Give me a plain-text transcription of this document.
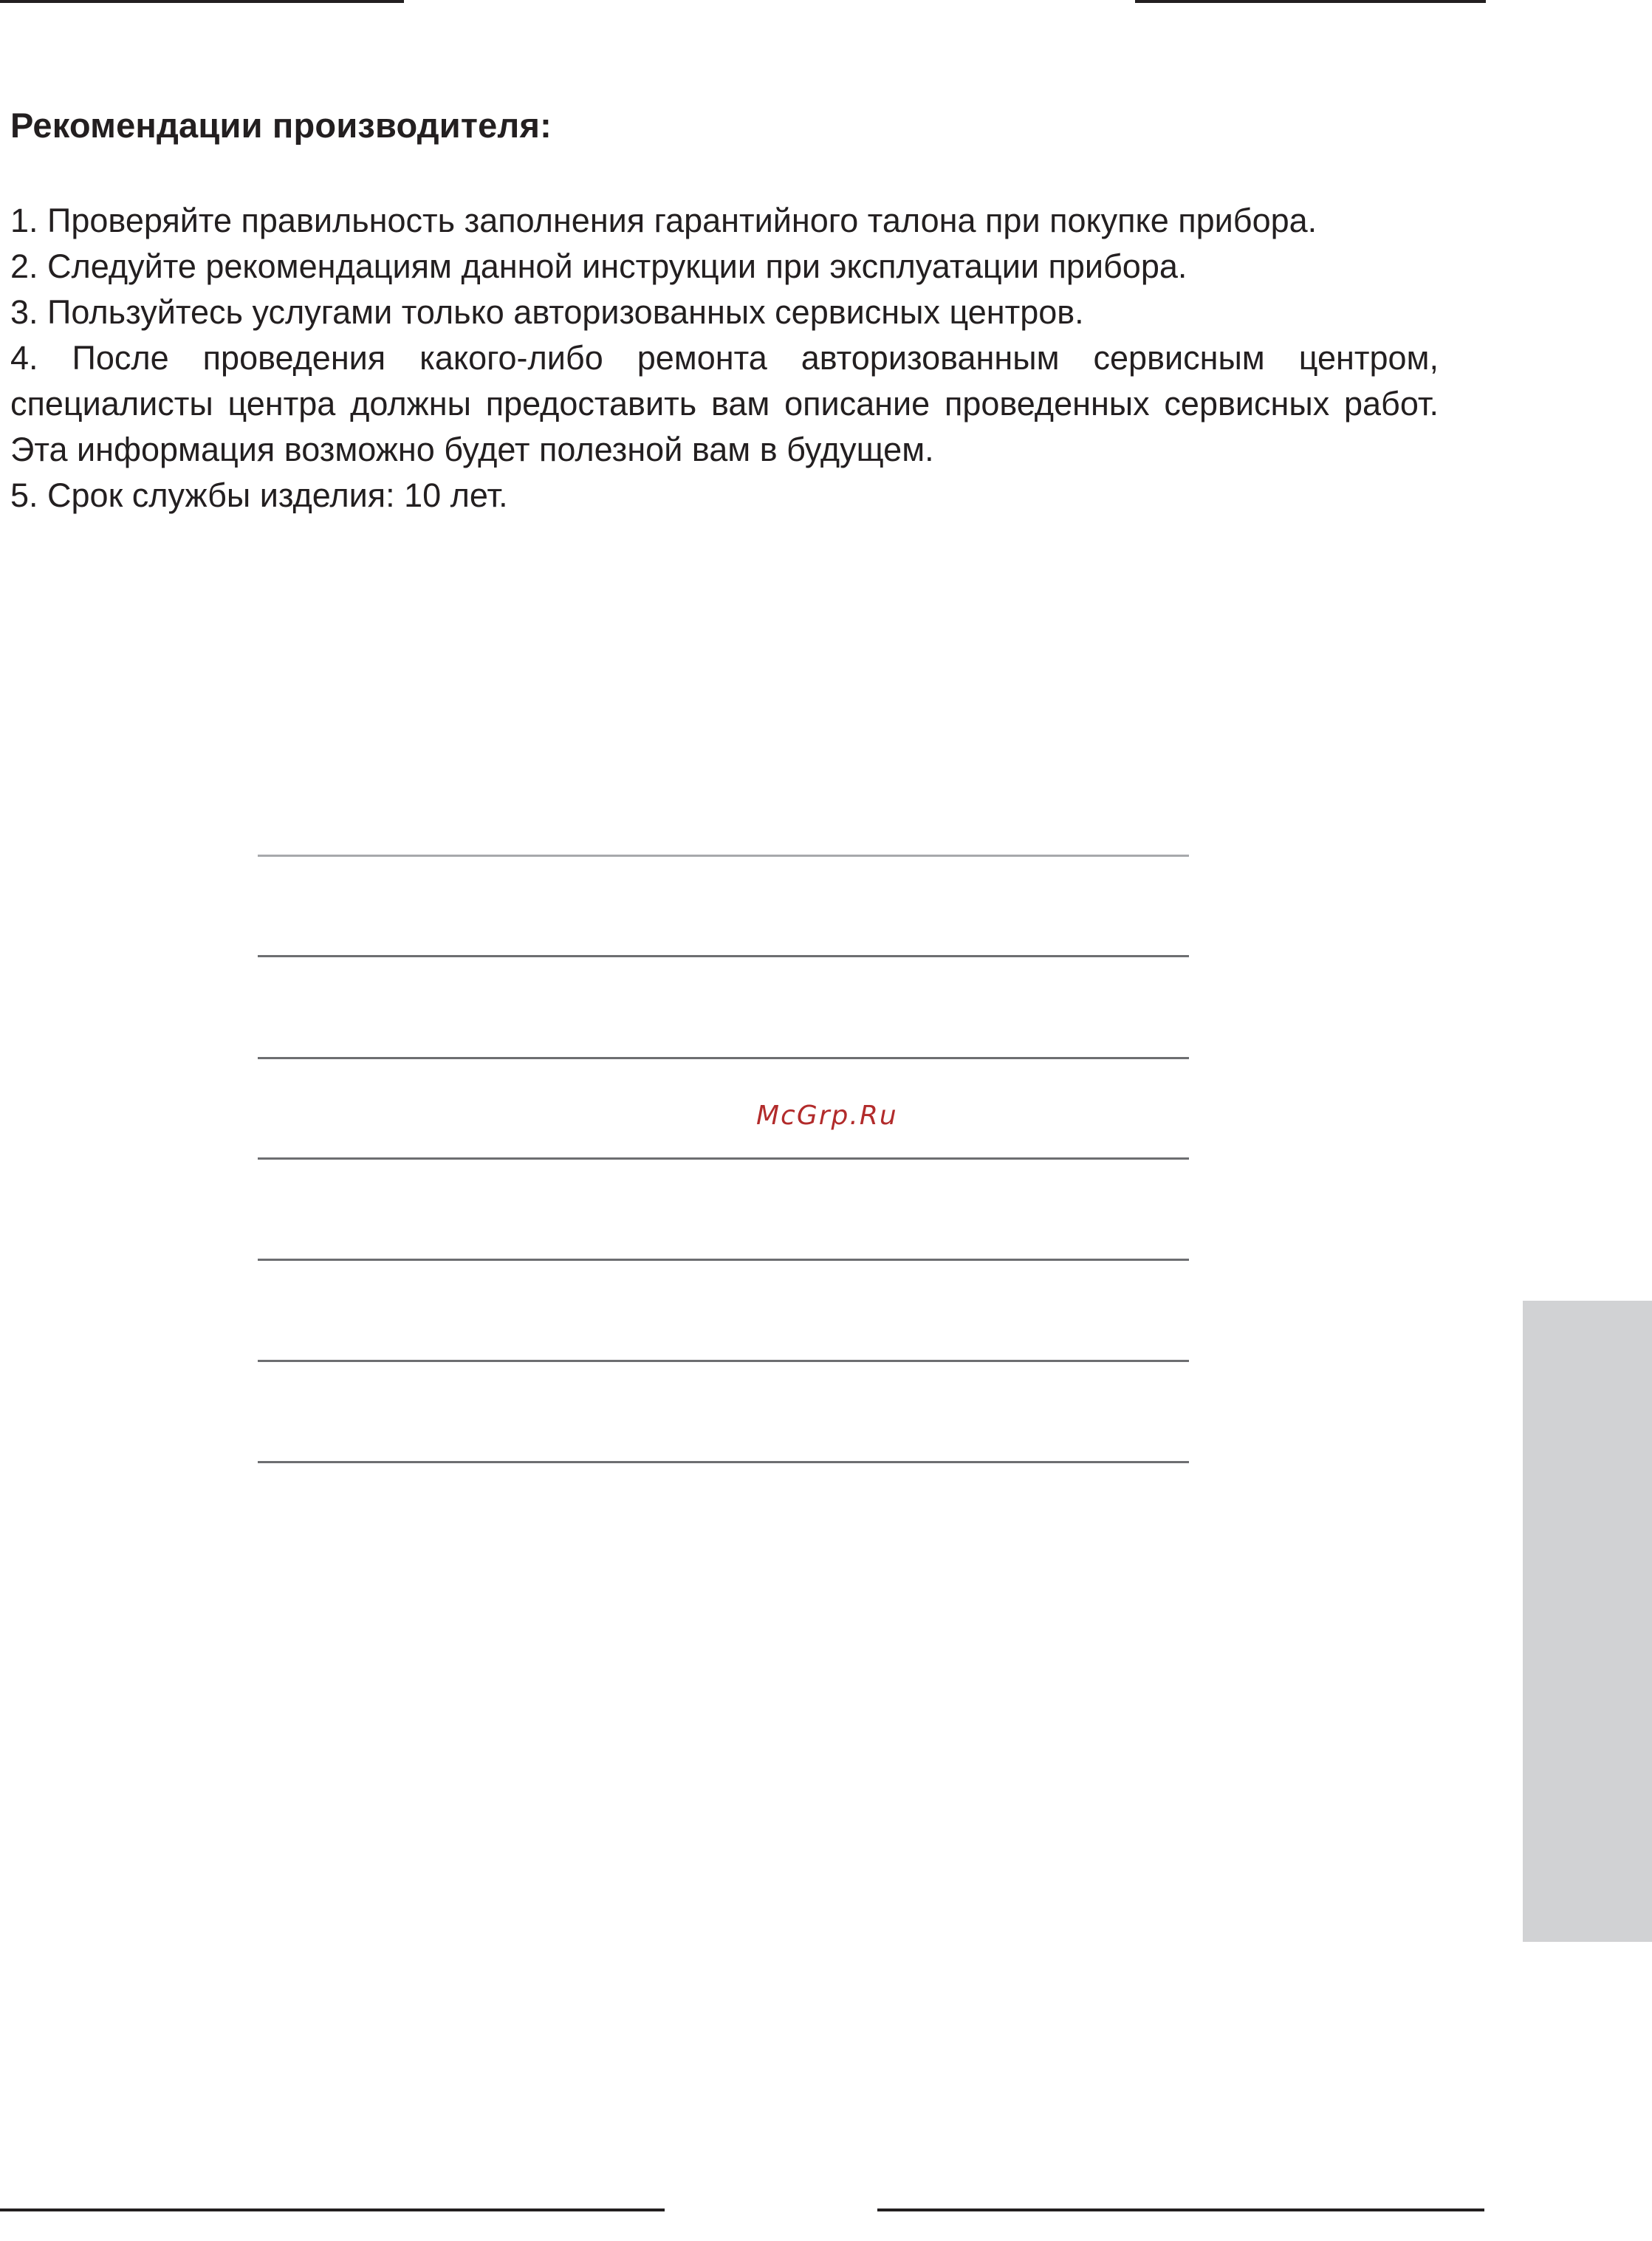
Рекомендации производителя:
1. Проверяйте правильность заполнения гарантийного талона при покупке прибора.
2. Следуйте рекомендациям данной инструкции при эксплуатации прибора.
3. Пользуйтесь услугами только авторизованных сервисных центров.
4. После проведения какого-либо ремонта авторизованным сервисным центром, специалисты центра должны предоставить вам описание проведенных сервисных работ. Эта информация возможно будет полезной вам в будущем.
5. Срок службы изделия: 10 лет.
McGrp.Ru
